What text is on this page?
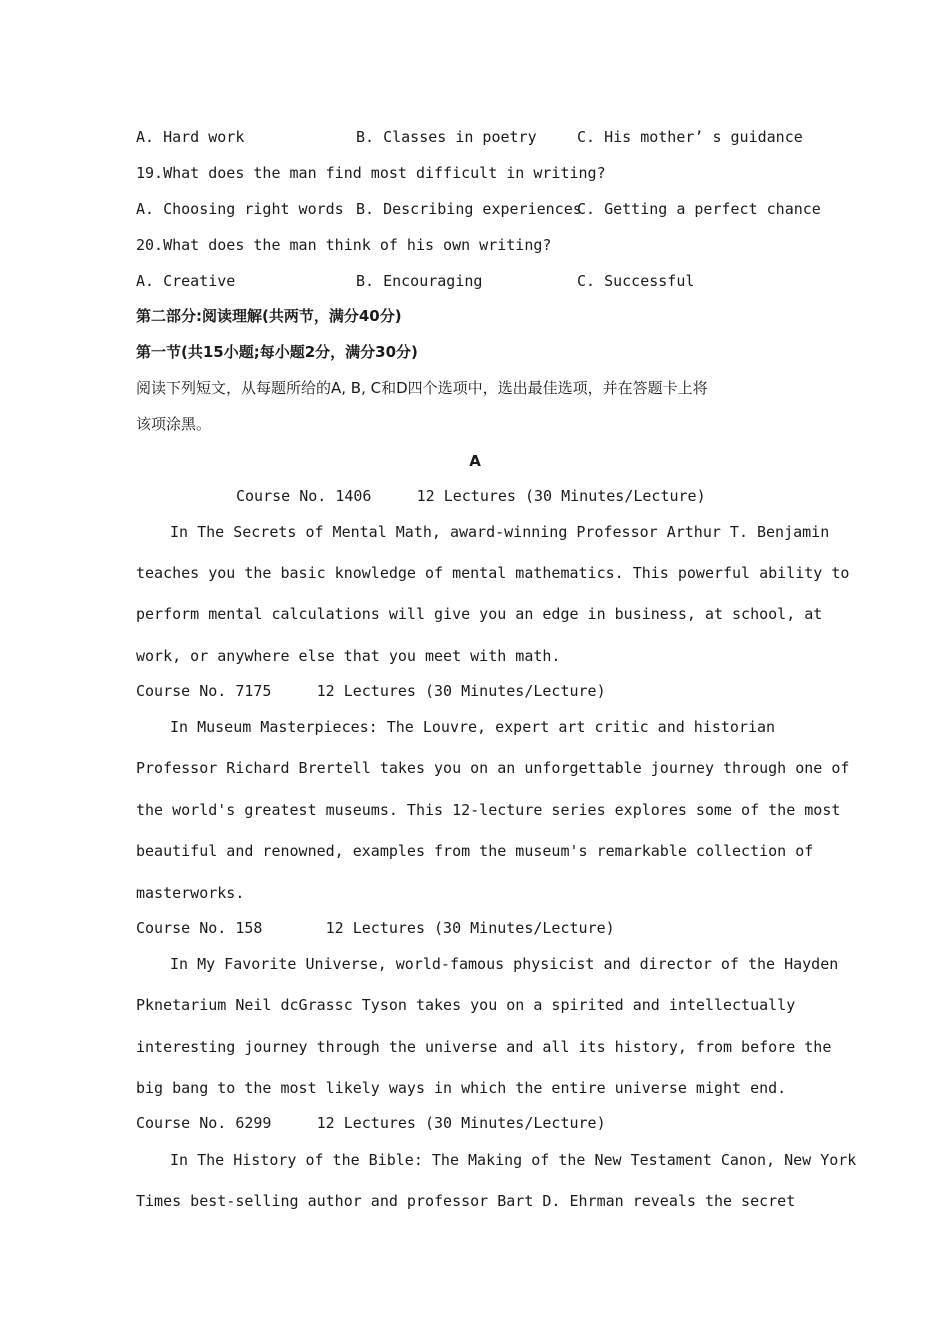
A. Hard work	B. Classes in poetry	C. His mother’ s guidance
19.What does the man find most difficult in writing?
A. Choosing right words B. Describing experiences
C. Getting a perfect chance
20.What does the man think of his own writing?
A. Creative	B. Encouraging	C. Successful
第二部分:阅读理解(共两节，满分40分)
第一节(共15小题;每小题2分，满分30分)
阅读下列短文，从每题所给的A, B, C和D四个选项中，选出最佳选项，并在答题卡上将
该项涂黑。
A
Course No. 1406     12 Lectures (30 Minutes/Lecture)
In The Secrets of Mental Math, award-winning Professor Arthur T. Benjamin
teaches you the basic knowledge of mental mathematics. This powerful ability to
perform mental calculations will give you an edge in business, at school, at
work, or anywhere else that you meet with math.
Course No. 7175     12 Lectures (30 Minutes/Lecture)
In Museum Masterpieces: The Louvre, expert art critic and historian
Professor Richard Brertell takes you on an unforgettable journey through one of
the world's greatest museums. This 12-lecture series explores some of the most
beautiful and renowned, examples from the museum's remarkable collection of
masterworks.
Course No. 158       12 Lectures (30 Minutes/Lecture)
In My Favorite Universe, world-famous physicist and director of the Hayden
Pknetarium Neil dcGrassc Tyson takes you on a spirited and intellectually
interesting journey through the universe and all its history, from before the
big bang to the most likely ways in which the entire universe might end.
Course No. 6299     12 Lectures (30 Minutes/Lecture)
In The History of the Bible: The Making of the New Testament Canon, New York
Times best-selling author and professor Bart D. Ehrman reveals the secret
